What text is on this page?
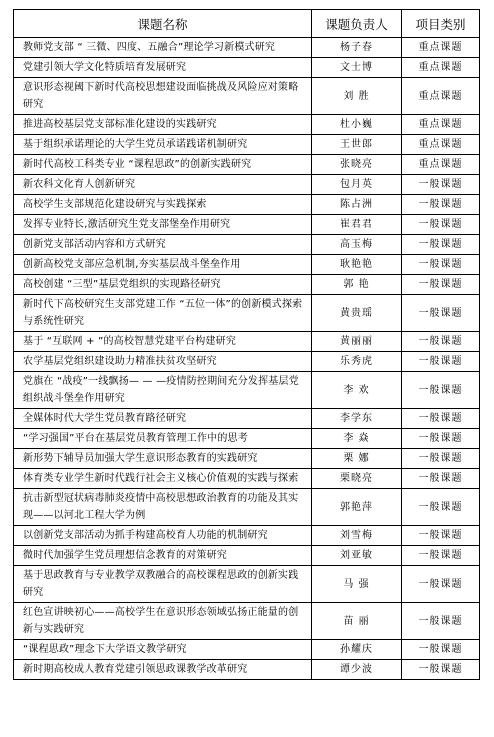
课题名称	课题负责人	项目类别
教师党支部 “ 三微、四度、五融合”理论学习新模式研究	杨子春	重点课题
党建引领大学文化特质培育发展研究	文士博	重点课题
意识形态视阈下新时代高校思想建设面临挑战及风险应对策略研究	刘 胜	重点课题
推进高校基层党支部标准化建设的实践研究	杜小巍	重点课题
基于组织承诺理论的大学生党员承诺践诺机制研究	王世郎	重点课题
新时代高校工科类专业 “课程思政”的创新实践研究	张晓亮	重点课题
新农科文化育人创新研究	包月英	一般课题
高校学生支部规范化建设研究与实践探索	陈占洲	一般课题
发挥专业特长,激活研究生党支部堡垒作用研究	崔君君	一般课题
创新党支部活动内容和方式研究	高玉梅	一般课题
创新高校党支部应急机制,夯实基层战斗堡垒作用	耿艳艳	一般课题
高校创建 “三型”基层党组织的实现路径研究	郭 艳	一般课题
新时代下高校研究生支部党建工作 “五位一体”的创新模式探索与系统性研究	黄贵瑶	一般课题
基于 “互联网 + ”的高校智慧党建平台构建研究	黄丽丽	一般课题
农学基层党组织建设助力精准扶贫攻坚研究	乐秀虎	一般课题
党旗在 “战疫”一线飘扬— — —疫情防控期间充分发挥基层党组织战斗堡垒作用研究	李 欢	一般课题
全媒体时代大学生党员教育路径研究	李学东	一般课题
“学习强国”平台在基层党员教育管理工作中的思考	李 焱	一般课题
新形势下辅导员加强大学生意识形态教育的实践研究	栗 娜	一般课题
体育类专业学生新时代践行社会主义核心价值观的实践与探索	栗晓亮	一般课题
抗击新型冠状病毒肺炎疫情中高校思想政治教育的功能及其实现——以河北工程大学为例	郭艳萍	一般课题
以创新党支部活动为抓手构建高校育人功能的机制研究	刘雪梅	一般课题
微时代加强学生党员理想信念教育的对策研究	刘亚敏	一般课题
基于思政教育与专业教学双教融合的高校课程思政的创新实践研究	马 强	一般课题
红色宣讲映初心——高校学生在意识形态领域弘扬正能量的创新与实践研究	苗 丽	一般课题
“课程思政”理念下大学语文教学研究	孙耀庆	一般课题
新时期高校成人教育党建引领思政课教学改革研究	谭少波	一般课题
